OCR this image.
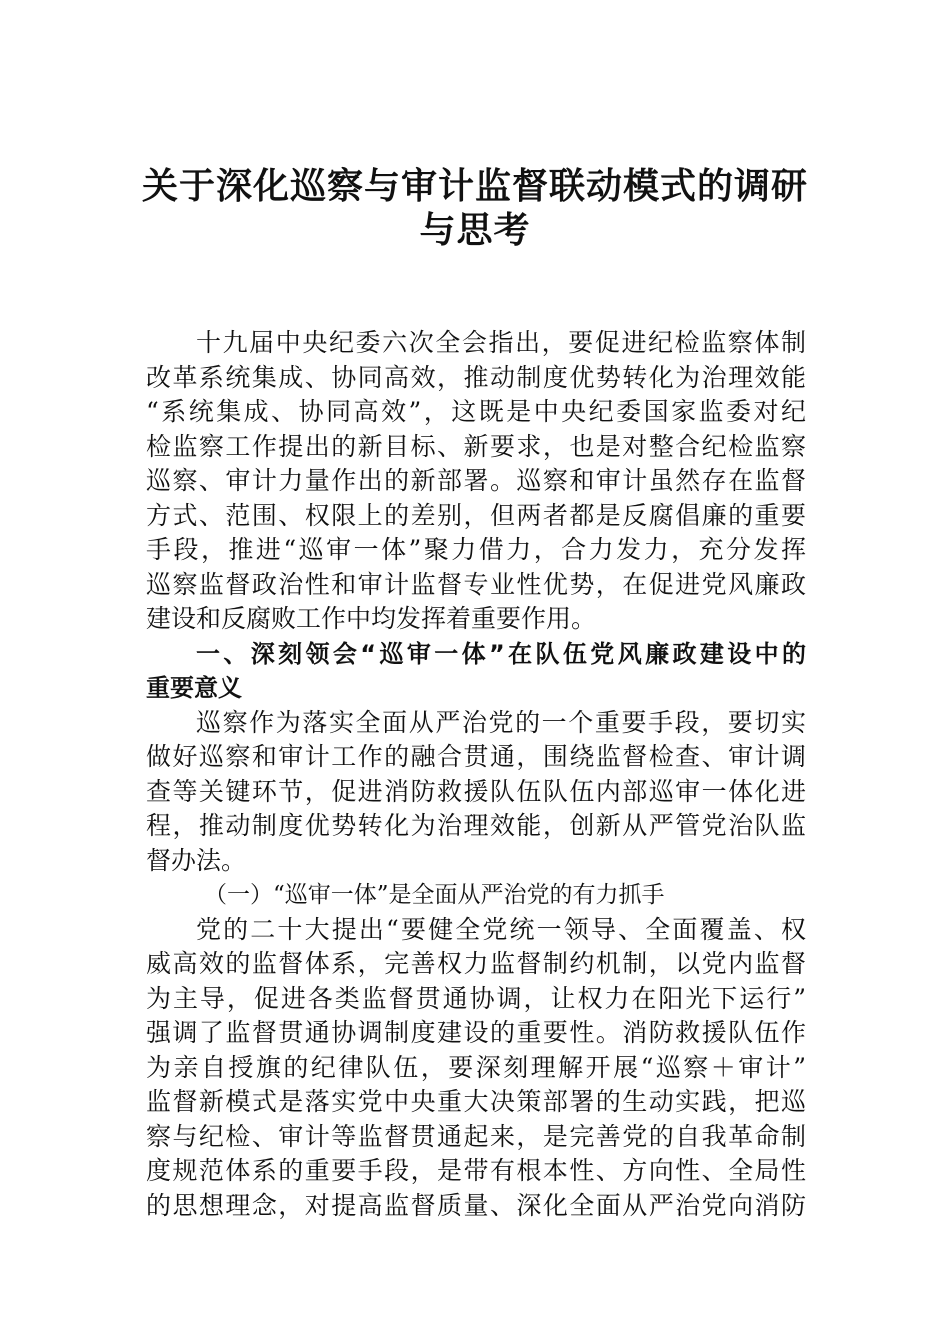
关于深化巡察与审计监督联动模式的调研
与思考
十九届中央纪委六次全会指出，要促进纪检监察体制
改革系统集成、协同高效，推动制度优势转化为治理效能
“系统集成、协同高效”，这既是中央纪委国家监委对纪
检监察工作提出的新目标、新要求，也是对整合纪检监察
巡察、审计力量作出的新部署。巡察和审计虽然存在监督
方式、范围、权限上的差别，但两者都是反腐倡廉的重要
手段，推进“巡审一体”聚力借力，合力发力，充分发挥
巡察监督政治性和审计监督专业性优势，在促进党风廉政
建设和反腐败工作中均发挥着重要作用。
一、深刻领会“巡审一体”在队伍党风廉政建设中的
重要意义
巡察作为落实全面从严治党的一个重要手段，要切实
做好巡察和审计工作的融合贯通，围绕监督检查、审计调
查等关键环节，促进消防救援队伍队伍内部巡审一体化进
程，推动制度优势转化为治理效能，创新从严管党治队监
督办法。
（一）“巡审一体”是全面从严治党的有力抓手
党的二十大提出“要健全党统一领导、全面覆盖、权
威高效的监督体系，完善权力监督制约机制，以党内监督
为主导，促进各类监督贯通协调，让权力在阳光下运行”
强调了监督贯通协调制度建设的重要性。消防救援队伍作
为亲自授旗的纪律队伍，要深刻理解开展“巡察＋审计”
监督新模式是落实党中央重大决策部署的生动实践，把巡
察与纪检、审计等监督贯通起来，是完善党的自我革命制
度规范体系的重要手段，是带有根本性、方向性、全局性
的思想理念，对提高监督质量、深化全面从严治党向消防
